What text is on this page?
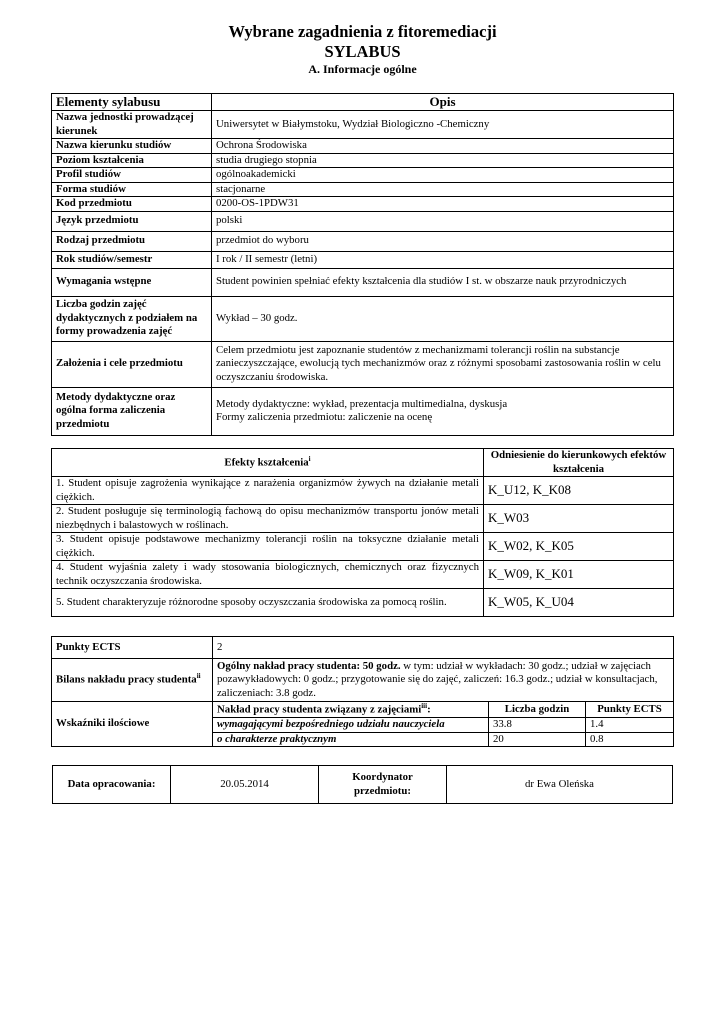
Wybrane zagadnienia z fitoremediacji
SYLABUS
A. Informacje ogólne
Elementy sylabusu	Opis
Nazwa jednostki prowadzącej kierunek	Uniwersytet w Białymstoku, Wydział Biologiczno -Chemiczny
Nazwa kierunku studiów	Ochrona Środowiska
Poziom kształcenia	studia drugiego stopnia
Profil studiów	ogólnoakademicki
Forma studiów	stacjonarne
Kod przedmiotu	0200-OS-1PDW31
Język przedmiotu	polski
Rodzaj przedmiotu	przedmiot do wyboru
Rok studiów/semestr	I rok / II semestr (letni)
Wymagania wstępne	Student powinien spełniać efekty kształcenia dla studiów I st. w obszarze nauk przyrodniczych
Liczba godzin zajęć dydaktycznych z podziałem na formy prowadzenia zajęć	Wykład – 30 godz.
Założenia i cele przedmiotu	Celem przedmiotu jest zapoznanie studentów z mechanizmami tolerancji roślin na substancje zanieczyszczające, ewolucją tych mechanizmów oraz z różnymi sposobami zastosowania roślin w celu oczyszczaniu środowiska.
Metody dydaktyczne oraz ogólna forma zaliczenia przedmiotu	Metody dydaktyczne: wykład, prezentacja multimedialna, dyskusja
Formy zaliczenia przedmiotu: zaliczenie na ocenę
Efekty kształcenia$^i$	Odniesienie do kierunkowych efektów kształcenia
1. Student opisuje zagrożenia wynikające z narażenia organizmów żywych na działanie metali ciężkich.	K_U12, K_K08
2. Student posługuje się terminologią fachową do opisu mechanizmów transportu jonów metali niezbędnych i balastowych w roślinach.	K_W03
3. Student opisuje podstawowe mechanizmy tolerancji roślin na toksyczne działanie metali ciężkich.	K_W02, K_K05
4. Student wyjaśnia zalety i wady stosowania biologicznych, chemicznych oraz fizycznych technik oczyszczania środowiska.	K_W09, K_K01
5. Student charakteryzuje różnorodne sposoby oczyszczania środowiska za pomocą roślin.	K_W05, K_U04
Punkty ECTS	2		
Bilans nakładu pracy studenta$^{ii}$	Ogólny nakład pracy studenta: 50 godz. w tym: udział w wykładach: 30 godz.; udział w zajęciach pozawykładowych: 0 godz.; przygotowanie się do zajęć, zaliczeń: 16.3 godz.; udział w konsultacjach, zaliczeniach: 3.8 godz.		
Wskaźniki ilościowe	Nakład pracy studenta związany z zajęciami$^{iii}$:	Liczba godzin	Punkty ECTS
	wymagającymi bezpośredniego udziału nauczyciela	33.8	1.4
	o charakterze praktycznym	20	0.8
Data opracowania:	20.05.2014	Koordynator przedmiotu:	dr Ewa Oleńska
